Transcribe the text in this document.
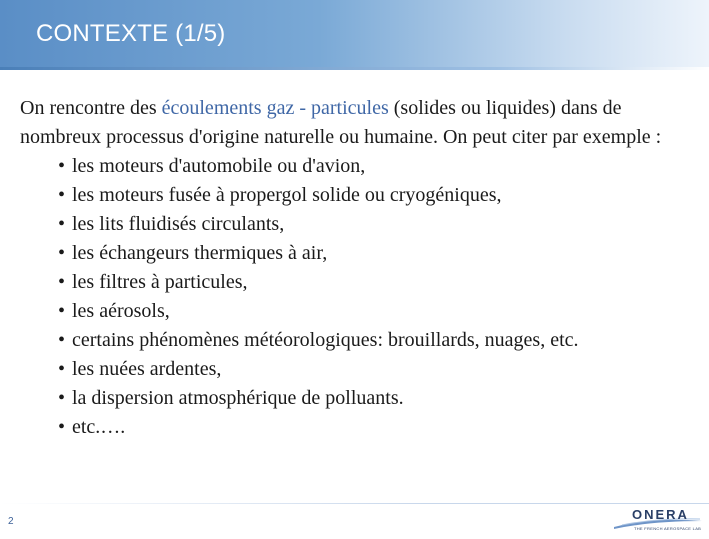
CONTEXTE (1/5)

On rencontre des écoulements gaz - particules (solides ou liquides) dans de nombreux processus d'origine naturelle ou humaine. On peut citer par exemple :

• les moteurs d'automobile ou d'avion,
• les moteurs fusée à propergol solide ou cryogéniques,
• les lits fluidisés circulants,
• les échangeurs thermiques à air,
• les filtres à particules,
• les aérosols,
• certains phénomènes météorologiques: brouillards, nuages, etc.
• les nuées ardentes,
• la dispersion atmosphérique de polluants.
• etc.….
2	ONERA
THE FRENCH AEROSPACE LAB
